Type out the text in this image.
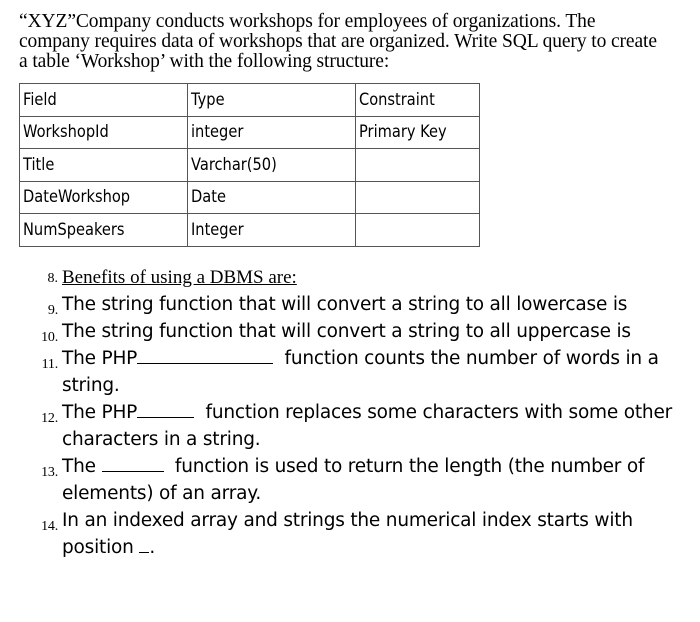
“XYZ”Company conducts workshops for employees of organizations. The
company requires data of workshops that are organized. Write SQL query to create
a table ‘Workshop’ with the following structure:
Field	Type	Constraint
WorkshopId	integer	Primary Key
Title	Varchar(50)	
DateWorkshop	Date	
NumSpeakers	Integer	
8. Benefits of using a DBMS are:
9. The string function that will convert a string to all lowercase is
10. The string function that will convert a string to all uppercase is
11. The PHP	function counts the number of words in a
string.
12. The PHP	function replaces some characters with some other
characters in a string.
13. The	function is used to return the length (the number of
elements) of an array.
14. In an indexed array and strings the numerical index starts with
position .
